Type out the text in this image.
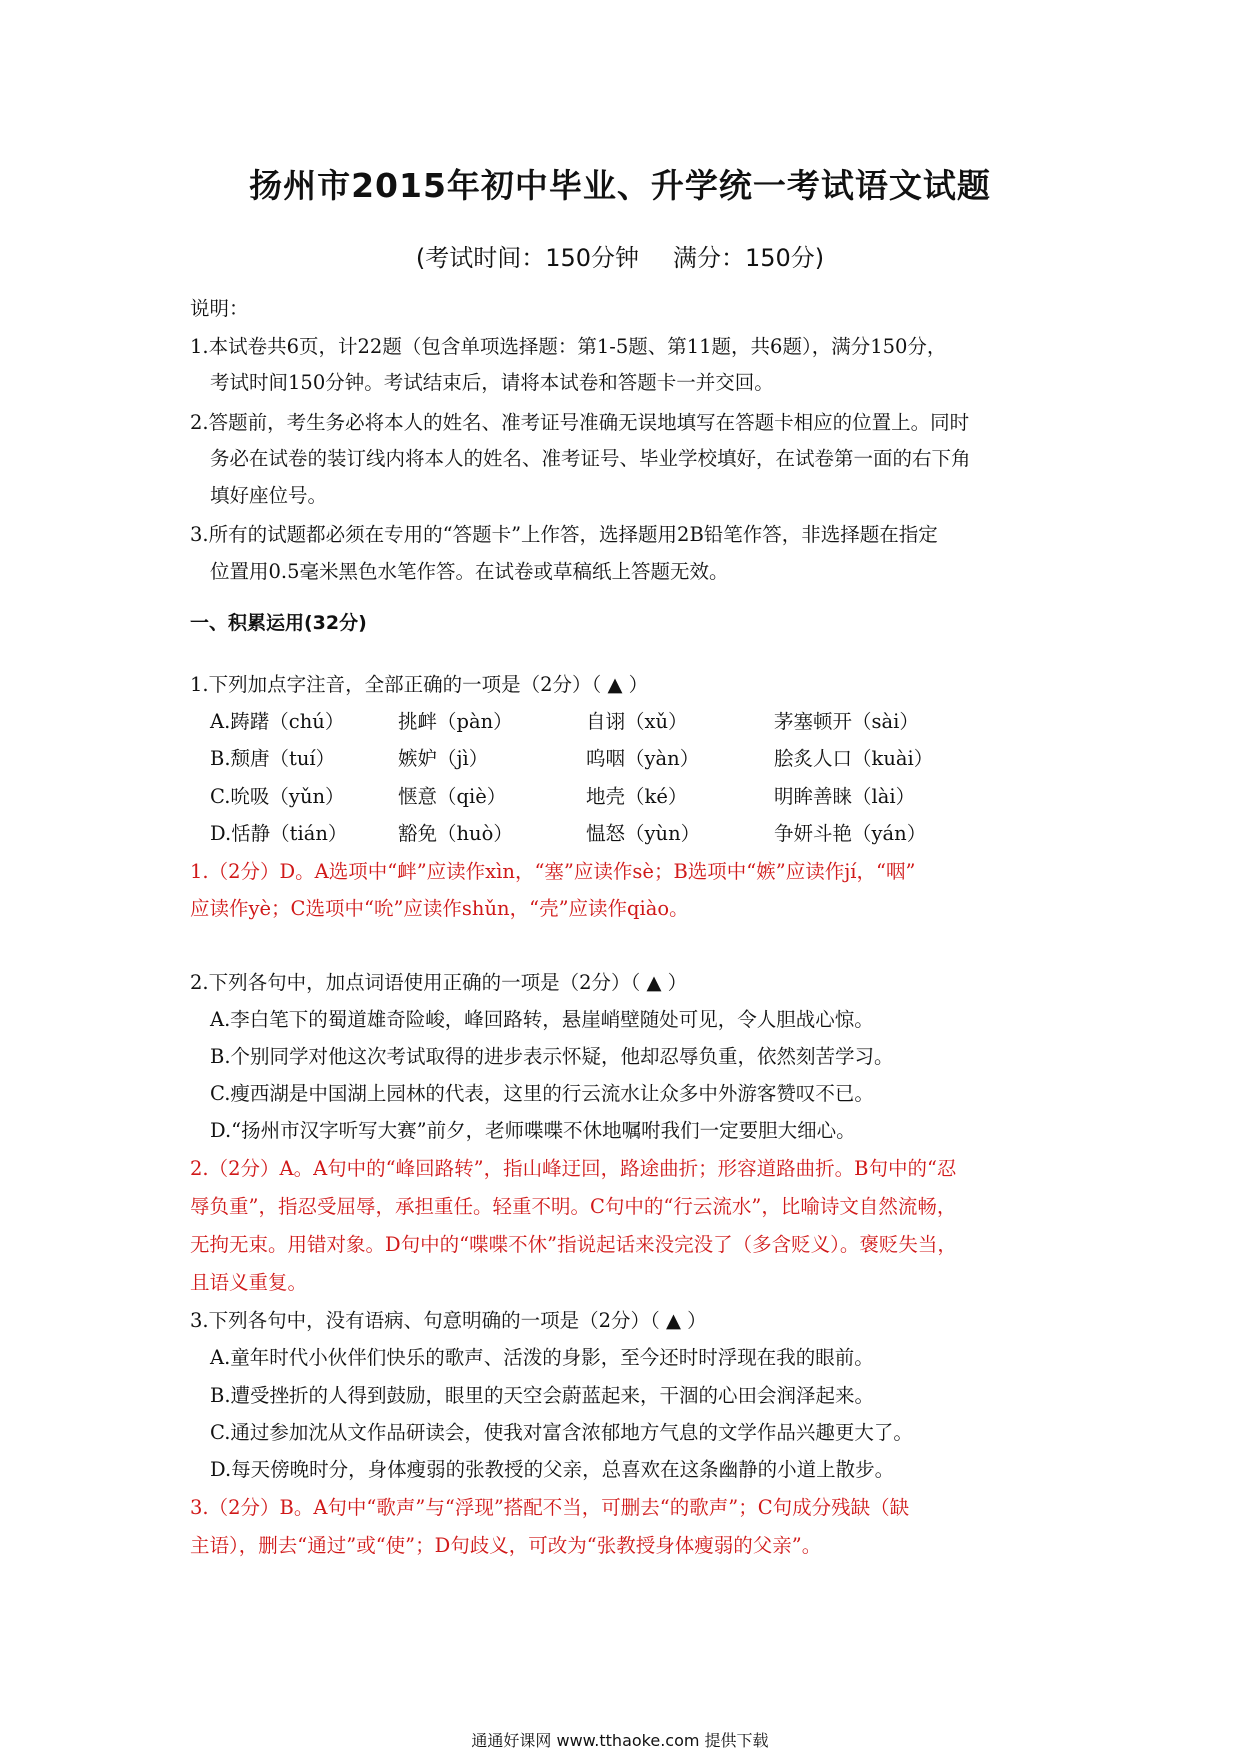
扬州市2015年初中毕业、升学统一考试语文试题
(考试时间：150分钟 满分：150分)
说明：
1.本试卷共6页，计22题（包含单项选择题：第1-5题、第11题，共6题），满分150分，
考试时间150分钟。考试结束后，请将本试卷和答题卡一并交回。
2.答题前，考生务必将本人的姓名、准考证号准确无误地填写在答题卡相应的位置上。同时
务必在试卷的装订线内将本人的姓名、准考证号、毕业学校填好，在试卷第一面的右下角
填好座位号。
3.所有的试题都必须在专用的“答题卡”上作答，选择题用2B铅笔作答，非选择题在指定
位置用0.5毫米黑色水笔作答。在试卷或草稿纸上答题无效。
一、积累运用(32分)
1.下列加点字注音，全部正确的一项是（2分）（ ▲ ）
A.踌躇（chú）	挑衅（pàn）	自诩（xǔ）	茅塞顿开（sài）
B.颓唐（tuí）	嫉妒（jì）	呜咽（yàn）	脍炙人口（kuài）
C.吮吸（yǔn）	惬意（qiè）	地壳（ké）	明眸善睐（lài）
D.恬静（tián）	豁免（huò）	愠怒（yùn）	争妍斗艳（yán）
1.（2分）D。A选项中“衅”应读作xìn，“塞”应读作sè；B选项中“嫉”应读作jí，“咽”
应读作yè；C选项中“吮”应读作shǔn，“壳”应读作qiào。
2.下列各句中，加点词语使用正确的一项是（2分）（ ▲ ）
A.李白笔下的蜀道雄奇险峻，峰回路转，悬崖峭壁随处可见，令人胆战心惊。
B.个别同学对他这次考试取得的进步表示怀疑，他却忍辱负重，依然刻苦学习。
C.瘦西湖是中国湖上园林的代表，这里的行云流水让众多中外游客赞叹不已。
D.“扬州市汉字听写大赛”前夕，老师喋喋不休地嘱咐我们一定要胆大细心。
2.（2分）A。A句中的“峰回路转”，指山峰迂回，路途曲折；形容道路曲折。B句中的“忍
辱负重”，指忍受屈辱，承担重任。轻重不明。C句中的“行云流水”，比喻诗文自然流畅，
无拘无束。用错对象。D句中的“喋喋不休”指说起话来没完没了（多含贬义）。褒贬失当，
且语义重复。
3.下列各句中，没有语病、句意明确的一项是（2分）（ ▲ ）
A.童年时代小伙伴们快乐的歌声、活泼的身影，至今还时时浮现在我的眼前。
B.遭受挫折的人得到鼓励，眼里的天空会蔚蓝起来，干涸的心田会润泽起来。
C.通过参加沈从文作品研读会，使我对富含浓郁地方气息的文学作品兴趣更大了。
D.每天傍晚时分，身体瘦弱的张教授的父亲，总喜欢在这条幽静的小道上散步。
3.（2分）B。A句中“歌声”与“浮现”搭配不当，可删去“的歌声”；C句成分残缺（缺
主语），删去“通过”或“使”；D句歧义，可改为“张教授身体瘦弱的父亲”。
通通好课网 www.tthaoke.com 提供下载
